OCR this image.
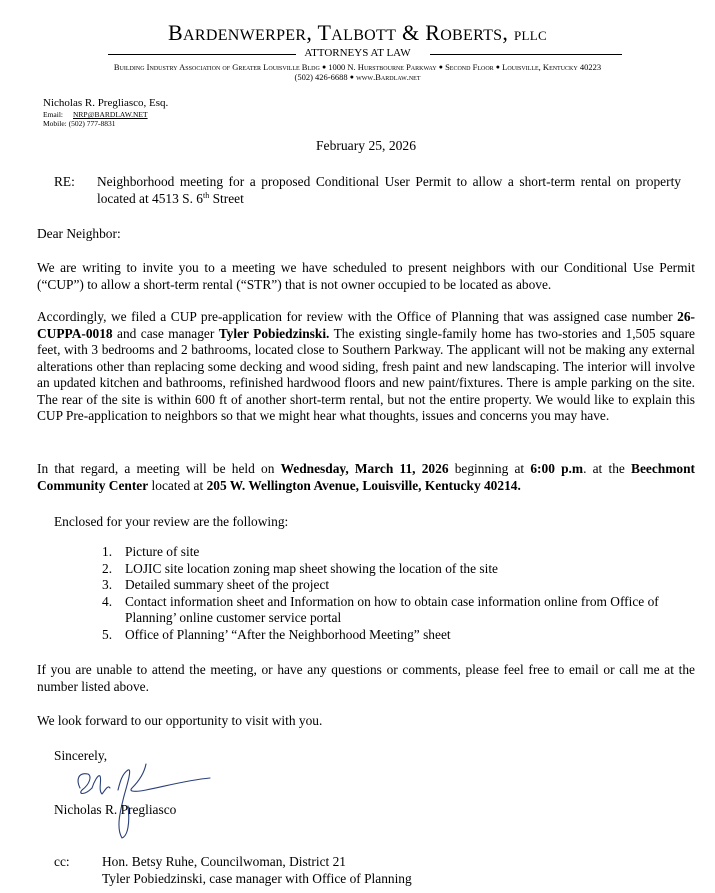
BARDENWERPER, TALBOTT & ROBERTS, PLLC
ATTORNEYS AT LAW
Building Industry Association of Greater Louisville Bldg ● 1000 N. Hurstbourne Parkway ● Second Floor ● Louisville, Kentucky 40223
(502) 426-6688 ● www.Bardlaw.net
Nicholas R. Pregliasco, Esq.
Email: NRP@BARDLAW.NET
Mobile: (502) 777-8831
February 25, 2026
RE: Neighborhood meeting for a proposed Conditional User Permit to allow a short-term rental on property located at 4513 S. 6th Street
Dear Neighbor:
We are writing to invite you to a meeting we have scheduled to present neighbors with our Conditional Use Permit (“CUP”) to allow a short-term rental (“STR”) that is not owner occupied to be located as above.
Accordingly, we filed a CUP pre-application for review with the Office of Planning that was assigned case number 26-CUPPA-0018 and case manager Tyler Pobiedzinski. The existing single-family home has two-stories and 1,505 square feet, with 3 bedrooms and 2 bathrooms, located close to Southern Parkway. The applicant will not be making any external alterations other than replacing some decking and wood siding, fresh paint and new landscaping. The interior will involve an updated kitchen and bathrooms, refinished hardwood floors and new paint/fixtures. There is ample parking on the site. The rear of the site is within 600 ft of another short-term rental, but not the entire property. We would like to explain this CUP Pre-application to neighbors so that we might hear what thoughts, issues and concerns you may have.
In that regard, a meeting will be held on Wednesday, March 11, 2026 beginning at 6:00 p.m. at the Beechmont Community Center located at 205 W. Wellington Avenue, Louisville, Kentucky 40214.
Enclosed for your review are the following:
1. Picture of site
2. LOJIC site location zoning map sheet showing the location of the site
3. Detailed summary sheet of the project
4. Contact information sheet and Information on how to obtain case information online from Office of Planning’ online customer service portal
5. Office of Planning’ “After the Neighborhood Meeting” sheet
If you are unable to attend the meeting, or have any questions or comments, please feel free to email or call me at the number listed above.
We look forward to our opportunity to visit with you.
Sincerely,
Nicholas R. Pregliasco
cc: Hon. Betsy Ruhe, Councilwoman, District 21
Tyler Pobiedzinski, case manager with Office of Planning
